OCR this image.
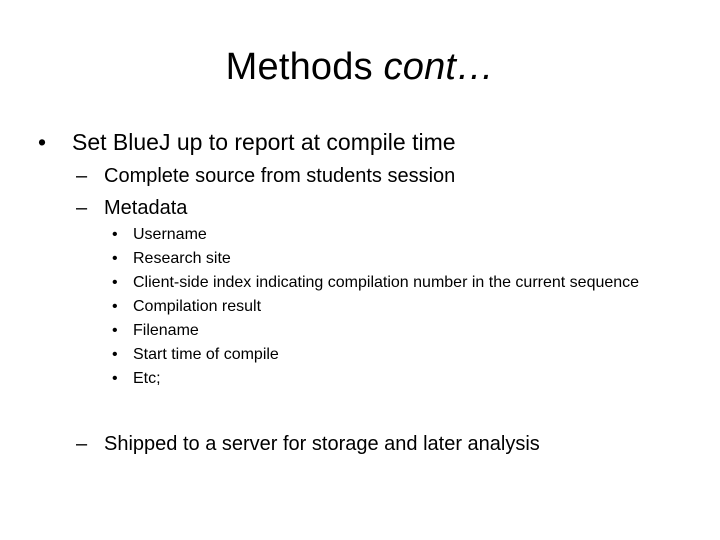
Methods cont…
•	Set BlueJ up to report at compile time
– Complete source from students session
– Metadata
• Username
• Research site
• Client-side index indicating compilation number in the current sequence
• Compilation result
• Filename
• Start time of compile
• Etc;
– Shipped to a server for storage and later analysis
